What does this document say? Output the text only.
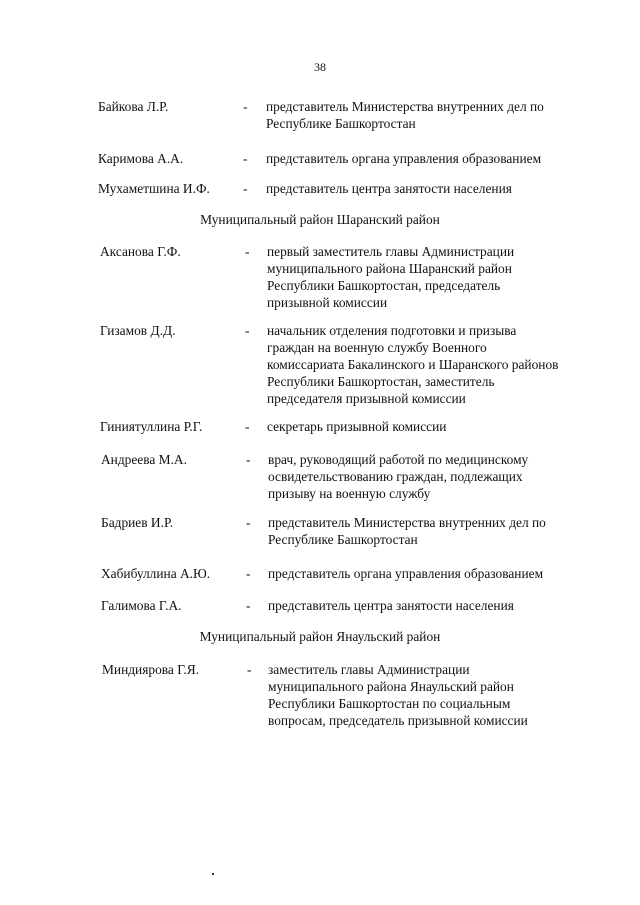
38
Байкова Л.Р.	- представитель Министерства внутренних дел по
Республике Башкортостан
Каримова А.А.	- представитель органа управления образованием
Мухаметшина И.Ф. - представитель центра занятости населения
Муниципальный район Шаранский район
Аксанова Г.Ф.	- первый заместитель главы Администрации
муниципального района Шаранский район
Республики Башкортостан, председатель
призывной комиссии
Гизамов Д.Д.	- начальник отделения подготовки и призыва
граждан на военную службу Военного
комиссариата Бакалинского и Шаранского районов
Республики Башкортостан, заместитель
председателя призывной комиссии
Гиниятуллина Р.Г.	- секретарь призывной комиссии
Андреева М.А.	- врач, руководящий работой по медицинскому
освидетельствованию граждан, подлежащих
призыву на военную службу
Бадриев И.Р.	- представитель Министерства внутренних дел по
Республике Башкортостан
Хабибуллина А.Ю.	- представитель органа управления образованием
Галимова Г.А.	- представитель центра занятости населения
Муниципальный район Янаульский район
Миндиярова Г.Я.	- заместитель главы Администрации
муниципального района Янаульский район
Республики Башкортостан по социальным
вопросам, председатель призывной комиссии
